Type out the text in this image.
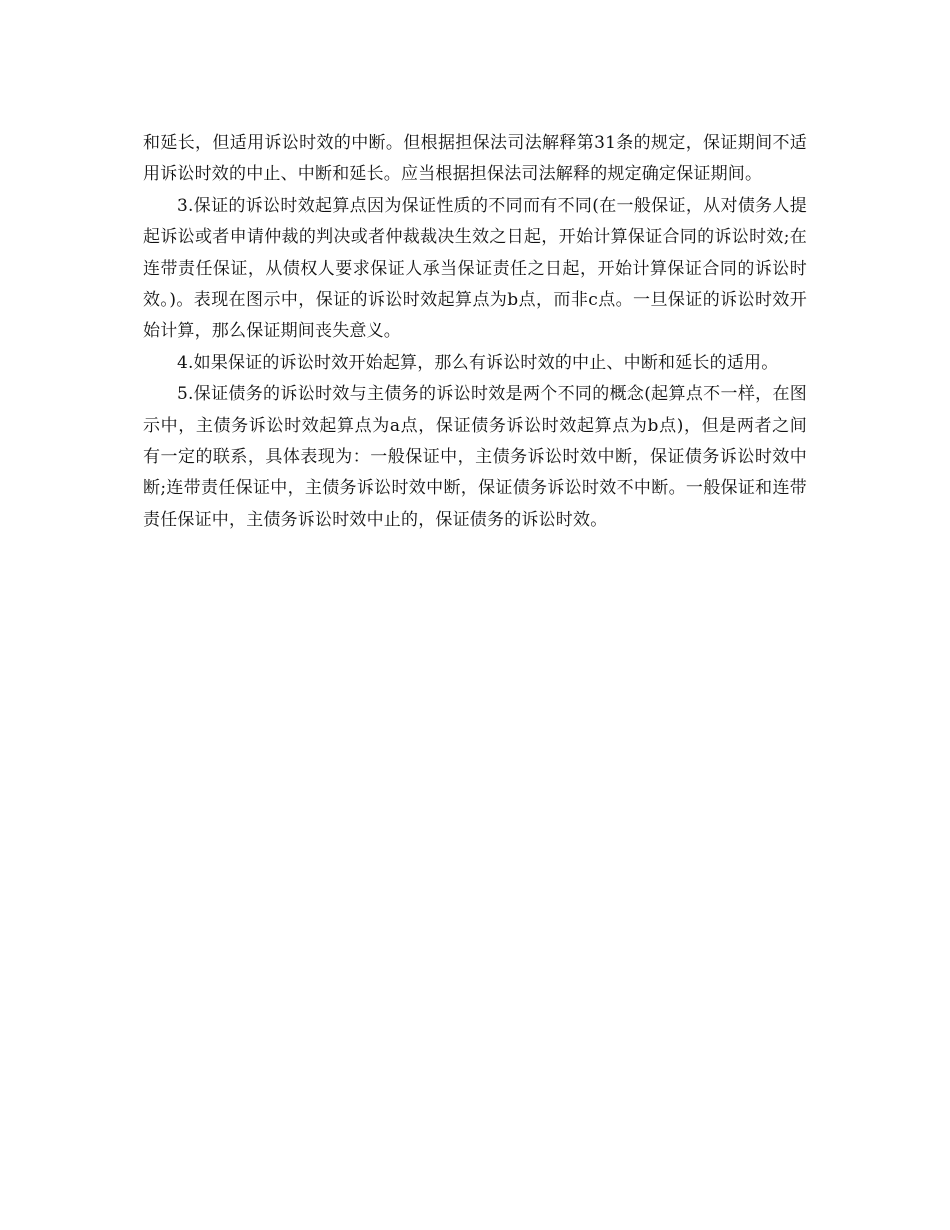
和延长，但适用诉讼时效的中断。但根据担保法司法解释第31条的规定，保证期间不适用诉讼时效的中止、中断和延长。应当根据担保法司法解释的规定确定保证期间。

3.保证的诉讼时效起算点因为保证性质的不同而有不同(在一般保证，从对债务人提起诉讼或者申请仲裁的判决或者仲裁裁决生效之日起，开始计算保证合同的诉讼时效;在连带责任保证，从债权人要求保证人承当保证责任之日起，开始计算保证合同的诉讼时效。)。表现在图示中，保证的诉讼时效起算点为b点，而非c点。一旦保证的诉讼时效开始计算，那么保证期间丧失意义。

4.如果保证的诉讼时效开始起算，那么有诉讼时效的中止、中断和延长的适用。

5.保证债务的诉讼时效与主债务的诉讼时效是两个不同的概念(起算点不一样，在图示中，主债务诉讼时效起算点为a点，保证债务诉讼时效起算点为b点)，但是两者之间有一定的联系，具体表现为：一般保证中，主债务诉讼时效中断，保证债务诉讼时效中断;连带责任保证中，主债务诉讼时效中断，保证债务诉讼时效不中断。一般保证和连带责任保证中，主债务诉讼时效中止的，保证债务的诉讼时效。
